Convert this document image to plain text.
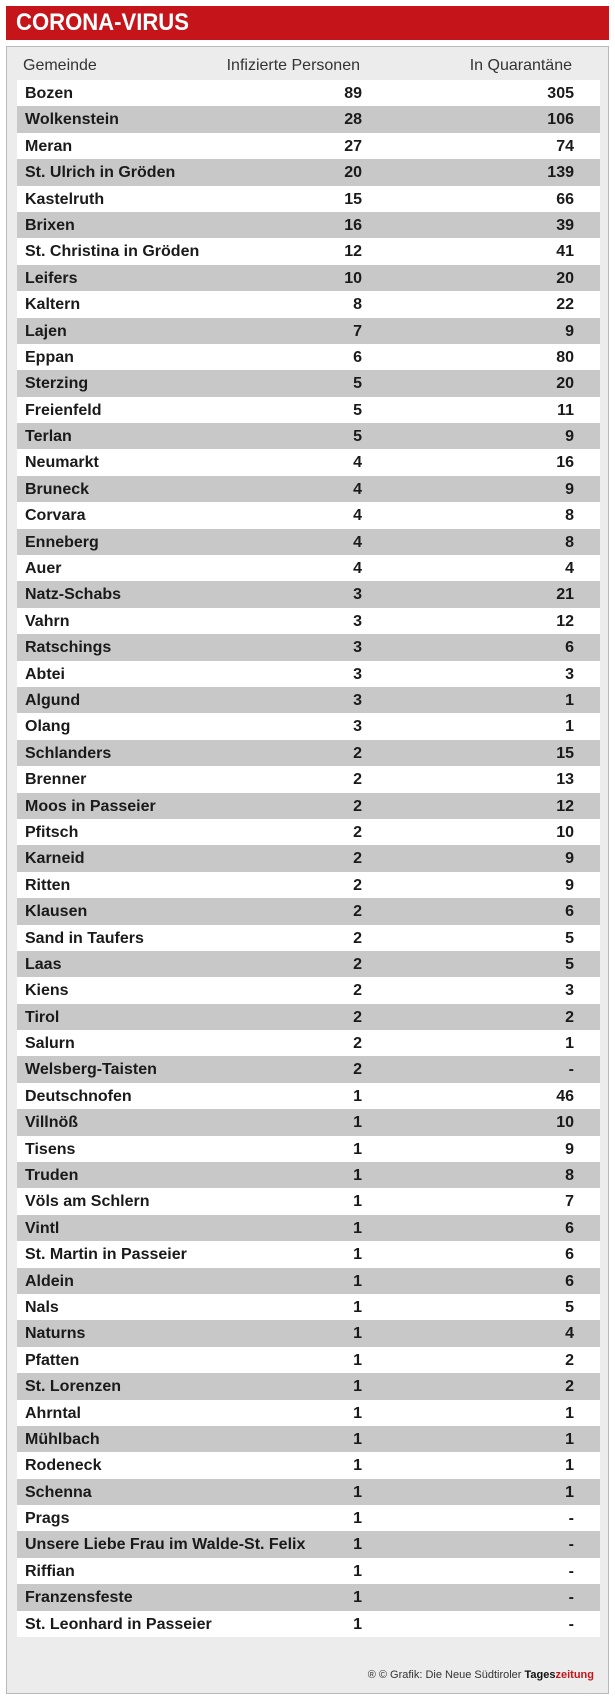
CORONA-VIRUS
Gemeinde	Infizierte Personen	In Quarantäne
Bozen	89	305
Wolkenstein	28	106
Meran	27	74
St. Ulrich in Gröden	20	139
Kastelruth	15	66
Brixen	16	39
St. Christina in Gröden	12	41
Leifers	10	20
Kaltern	8	22
Lajen	7	9
Eppan	6	80
Sterzing	5	20
Freienfeld	5	11
Terlan	5	9
Neumarkt	4	16
Bruneck	4	9
Corvara	4	8
Enneberg	4	8
Auer	4	4
Natz-Schabs	3	21
Vahrn	3	12
Ratschings	3	6
Abtei	3	3
Algund	3	1
Olang	3	1
Schlanders	2	15
Brenner	2	13
Moos in Passeier	2	12
Pfitsch	2	10
Karneid	2	9
Ritten	2	9
Klausen	2	6
Sand in Taufers	2	5
Laas	2	5
Kiens	2	3
Tirol	2	2
Salurn	2	1
Welsberg-Taisten	2	-
Deutschnofen	1	46
Villnöß	1	10
Tisens	1	9
Truden	1	8
Völs am Schlern	1	7
Vintl	1	6
St. Martin in Passeier	1	6
Aldein	1	6
Nals	1	5
Naturns	1	4
Pfatten	1	2
St. Lorenzen	1	2
Ahrntal	1	1
Mühlbach	1	1
Rodeneck	1	1
Schenna	1	1
Prags	1	-
Unsere Liebe Frau im Walde-St. Felix	1	-
Riffian	1	-
Franzensfeste	1	-
St. Leonhard in Passeier	1	-
® © Grafik: Die Neue Südtiroler Tageszeitung
